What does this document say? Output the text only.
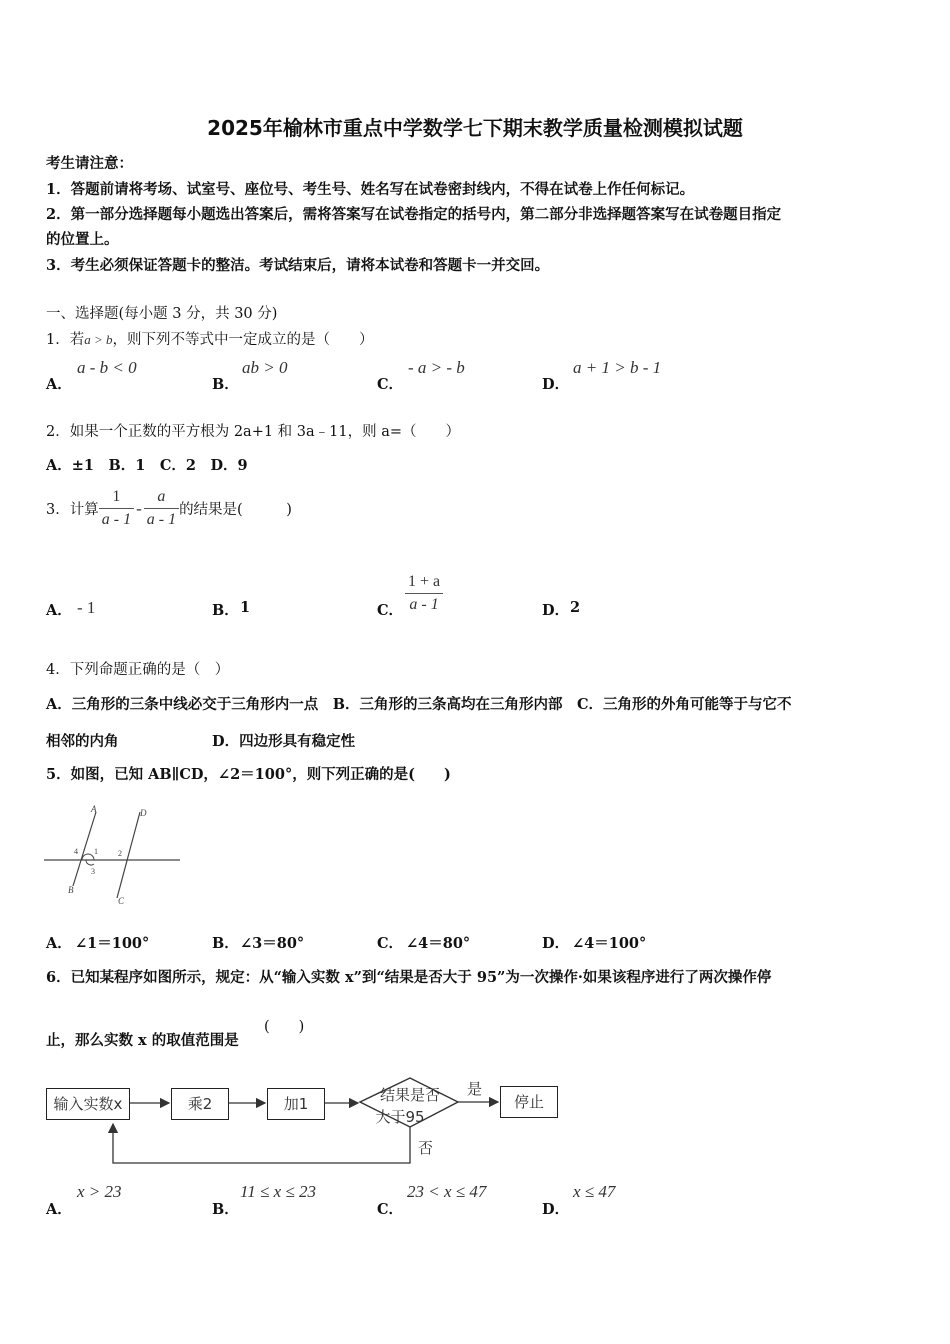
2025年榆林市重点中学数学七下期末教学质量检测模拟试题
考生请注意：
1．答题前请将考场、试室号、座位号、考生号、姓名写在试卷密封线内，不得在试卷上作任何标记。
2．第一部分选择题每小题选出答案后，需将答案写在试卷指定的括号内，第二部分非选择题答案写在试卷题目指定
的位置上。
3．考生必须保证答题卡的整洁。考试结束后，请将本试卷和答题卡一并交回。
一、选择题(每小题 3 分，共 30 分)
1．若a > b，则下列不等式中一定成立的是（　　）
A．
a - b < 0
B．
ab > 0
C．
- a > - b
D．
a + 1 > b - 1
2．如果一个正数的平方根为 2a+1 和 3a﹣11，则 a=（　　）
A．±1　B．1　C．2　D．9
3．计算 $\frac{1}{a - 1} - \frac{a}{a - 1}$ 的结果是(　　　)
A． - 1	B． 1	C． $\frac{1 + a}{a - 1}$	D． 2
4．下列命题正确的是（　）
A．三角形的三条中线必交于三角形内一点　B．三角形的三条高均在三角形内部　C．三角形的外角可能等于与它不
相邻的内角	D．四边形具有稳定性
5．如图，已知 AB∥CD，∠2＝100°，则下列正确的是(　　)
A	D
4 1	2
3
B
C
A． ∠1＝100°	B． ∠3＝80°	C． ∠4＝80°	D． ∠4＝100°
6．已知某程序如图所示，规定：从“输入实数 x”到“结果是否大于 95”为一次操作·如果该程序进行了两次操作停
止，那么实数 x 的取值范围是
(　　)
输入实数x	乘2	加1	停止
结果是否
大于95
是
否
A．
x > 23
B．
11 ≤ x ≤ 23
C．
23 < x ≤ 47
D．
x ≤ 47
